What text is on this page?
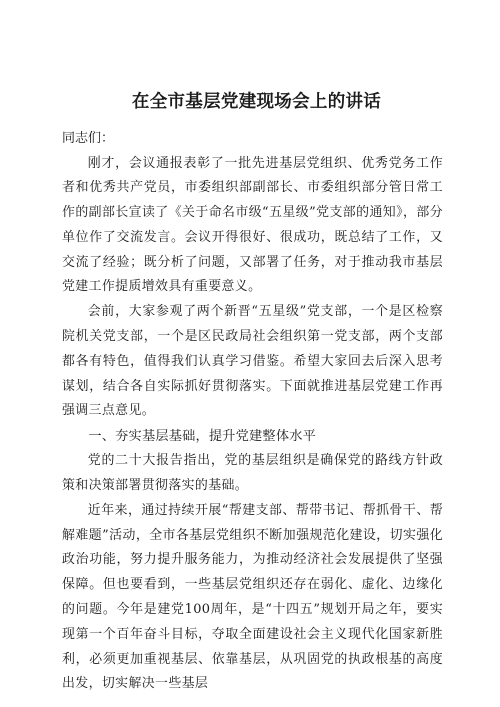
在全市基层党建现场会上的讲话

同志们：

刚才，会议通报表彰了一批先进基层党组织、优秀党务工作者和优秀共产党员，市委组织部副部长、市委组织部分管日常工作的副部长宣读了《关于命名市级“五星级”党支部的通知》，部分单位作了交流发言。会议开得很好、很成功，既总结了工作，又交流了经验；既分析了问题，又部署了任务，对于推动我市基层党建工作提质增效具有重要意义。

会前，大家参观了两个新晋“五星级”党支部，一个是区检察院机关党支部，一个是区民政局社会组织第一党支部，两个支部都各有特色，值得我们认真学习借鉴。希望大家回去后深入思考谋划，结合各自实际抓好贯彻落实。下面就推进基层党建工作再强调三点意见。

一、夯实基层基础，提升党建整体水平

党的二十大报告指出，党的基层组织是确保党的路线方针政策和决策部署贯彻落实的基础。

近年来，通过持续开展“帮建支部、帮带书记、帮抓骨干、帮解难题”活动，全市各基层党组织不断加强规范化建设，切实强化政治功能，努力提升服务能力，为推动经济社会发展提供了坚强保障。但也要看到，一些基层党组织还存在弱化、虚化、边缘化的问题。今年是建党100周年，是“十四五”规划开局之年，要实现第一个百年奋斗目标，夺取全面建设社会主义现代化国家新胜利，必须更加重视基层、依靠基层，从巩固党的执政根基的高度出发，切实解决一些基层
